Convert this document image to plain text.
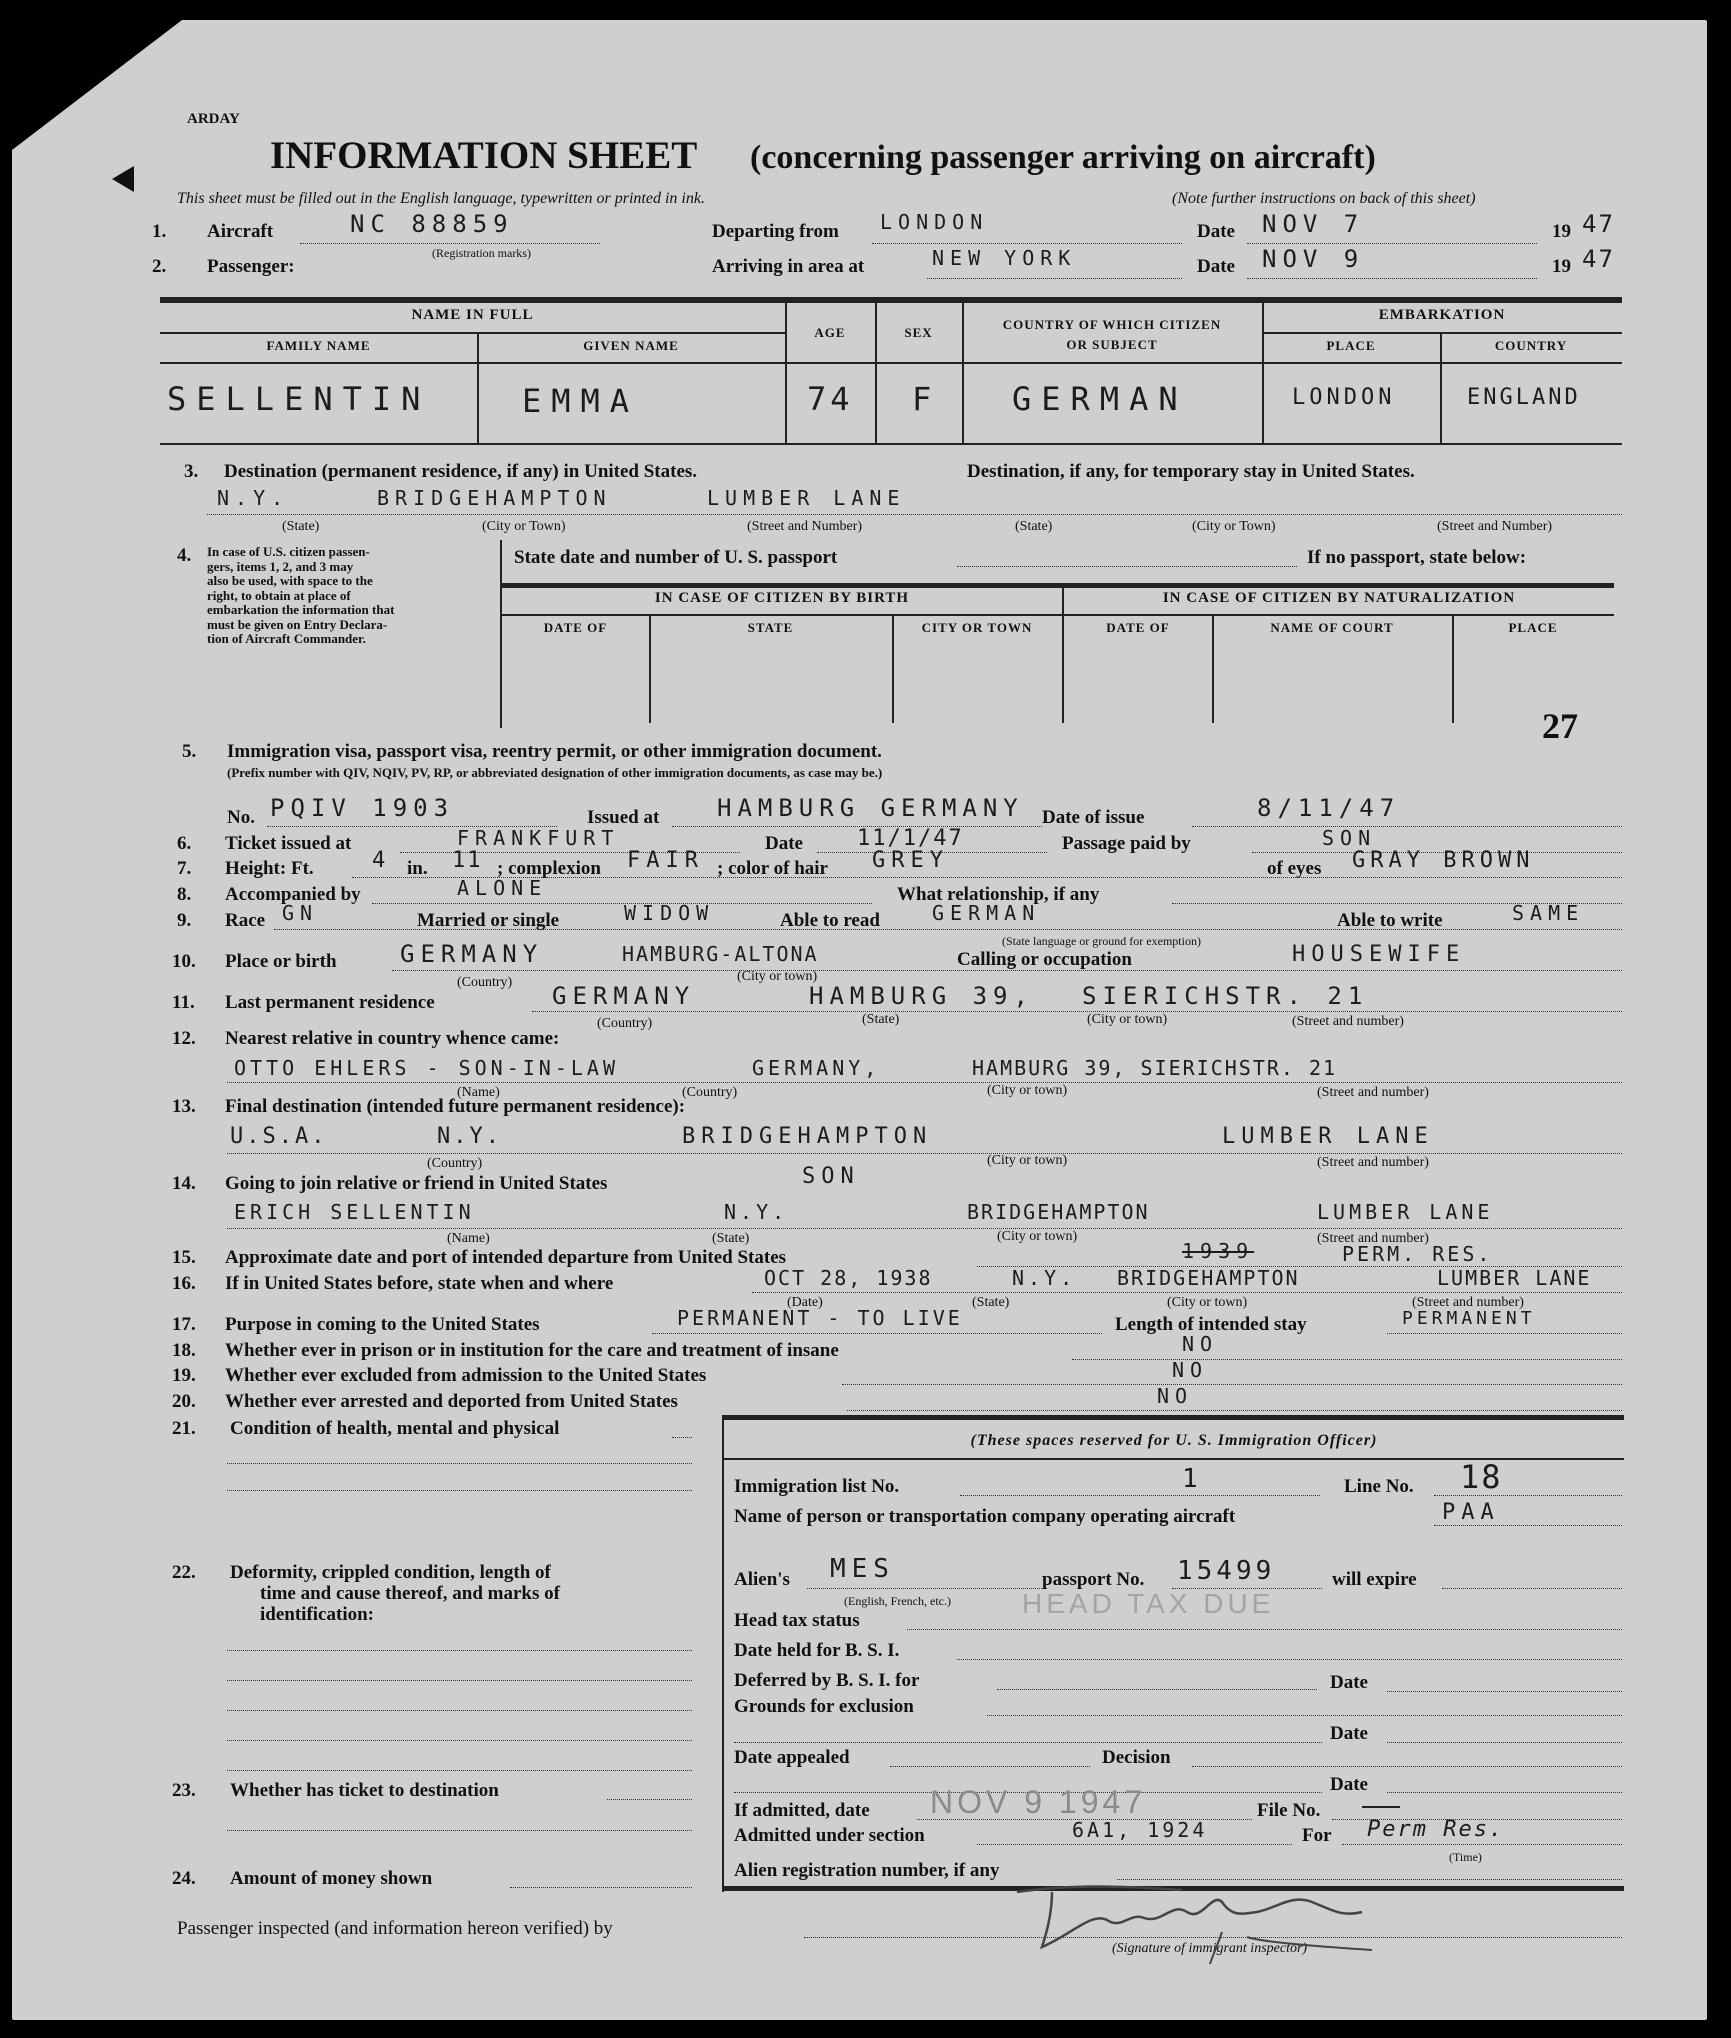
ARDAY
INFORMATION SHEET (concerning passenger arriving on aircraft)
This sheet must be filled out in the English language, typewritten or printed in ink.	(Note further instructions on back of this sheet)
1. Aircraft	NC 88859
(Registration marks)
Departing from LONDON	Date NOV 7	19 47
2. Passenger:	Arriving in area at	NEW YORK	Date NOV 9	19 47
NAME IN FULL
FAMILY NAME	GIVEN NAME
AGE	SEX
COUNTRY OF WHICH CITIZEN
OR SUBJECT
EMBARKATION
PLACE	COUNTRY
SELLENTIN	EMMA	74 F GERMAN	LONDON	ENGLAND
3. Destination (permanent residence, if any) in United States.	Destination, if any, for temporary stay in United States.
N.Y.	BRIDGEHAMPTON	LUMBER LANE
(State)	(City or Town)	(Street and Number)	(State)	(City or Town)	(Street and Number)
4. In case of U.S. citizen passen-
gers, items 1, 2, and 3 may
also be used, with space to the
right, to obtain at place of
embarkation the information that
must be given on Entry Declara-
tion of Aircraft Commander.
State date and number of U. S. passport	If no passport, state below:
IN CASE OF CITIZEN BY BIRTH	IN CASE OF CITIZEN BY NATURALIZATION
DATE OF	STATE	CITY OR TOWN	DATE OF	NAME OF COURT	PLACE
27
5. Immigration visa, passport visa, reentry permit, or other immigration document.
(Prefix number with QIV, NQIV, PV, RP, or abbreviated designation of other immigration documents, as case may be.)
No. PQIV 1903	Issued at HAMBURG GERMANY Date of issue	8/11/47
6. Ticket issued at	FRANKFURT	Date 11/1/47	Passage paid by	SON
7. Height: Ft.	4 in. 11 ; complexion FAIR ; color of hair GREY	of eyes GRAY BROWN
8. Accompanied by	ALONE	What relationship, if any
9. Race GN	Married or single	WIDOW	Able to read	GERMAN	Able to write	SAME
(State language or ground for exemption)
10. Place or birth	GERMANY	HAMBURG-ALTONA	Calling or occupation	HOUSEWIFE
(Country)	(City or town)
11. Last permanent residence	GERMANY	HAMBURG 39, SIERICHSTR. 21
(Country)	(State)	(City or town)	(Street and number)
12. Nearest relative in country whence came:
OTTO EHLERS - SON-IN-LAW	GERMANY,	HAMBURG 39, SIERICHSTR. 21
(Name)	(Country)	(City or town)	(Street and number)
13. Final destination (intended future permanent residence):
U.S.A.	N.Y.	BRIDGEHAMPTON	LUMBER LANE
(Country)	(City or town)	(Street and number)
14. Going to join relative or friend in United States	SON
ERICH SELLENTIN	N.Y.	BRIDGEHAMPTON	LUMBER LANE
(Name)	(State)	(City or town)	(Street and number)
15. Approximate date and port of intended departure from United States	1939	PERM. RES.
16. If in United States before, state when and where	OCT 28, 1938	N.Y. BRIDGEHAMPTON	LUMBER LANE
(Date)	(State)	(City or town)	(Street and number)
17. Purpose in coming to the United States	PERMANENT - TO LIVE	Length of intended stay	PERMANENT
18. Whether ever in prison or in institution for the care and treatment of insane	NO
19. Whether ever excluded from admission to the United States	NO
20. Whether ever arrested and deported from United States	NO
21. Condition of health, mental and physical
22. Deformity, crippled condition, length of
time and cause thereof, and marks of
identification:
23. Whether has ticket to destination
24. Amount of money shown
(These spaces reserved for U. S. Immigration Officer)
Immigration list No.	1	Line No. 18
Name of person or transportation company operating aircraft	PAA
Alien's MES
(English, French, etc.)
passport No. 15499	will expire
HEAD TAX DUE
Head tax status
Date held for B. S. I.
Deferred by B. S. I. for	Date
Grounds for exclusion
Date
Date appealed	Decision
Date
If admitted, date NOV 9 1947	File No.
Admitted under section	6A1, 1924	For Perm Res.
(Time)
Alien registration number, if any
Passenger inspected (and information hereon verified) by
(Signature of immigrant inspector)
